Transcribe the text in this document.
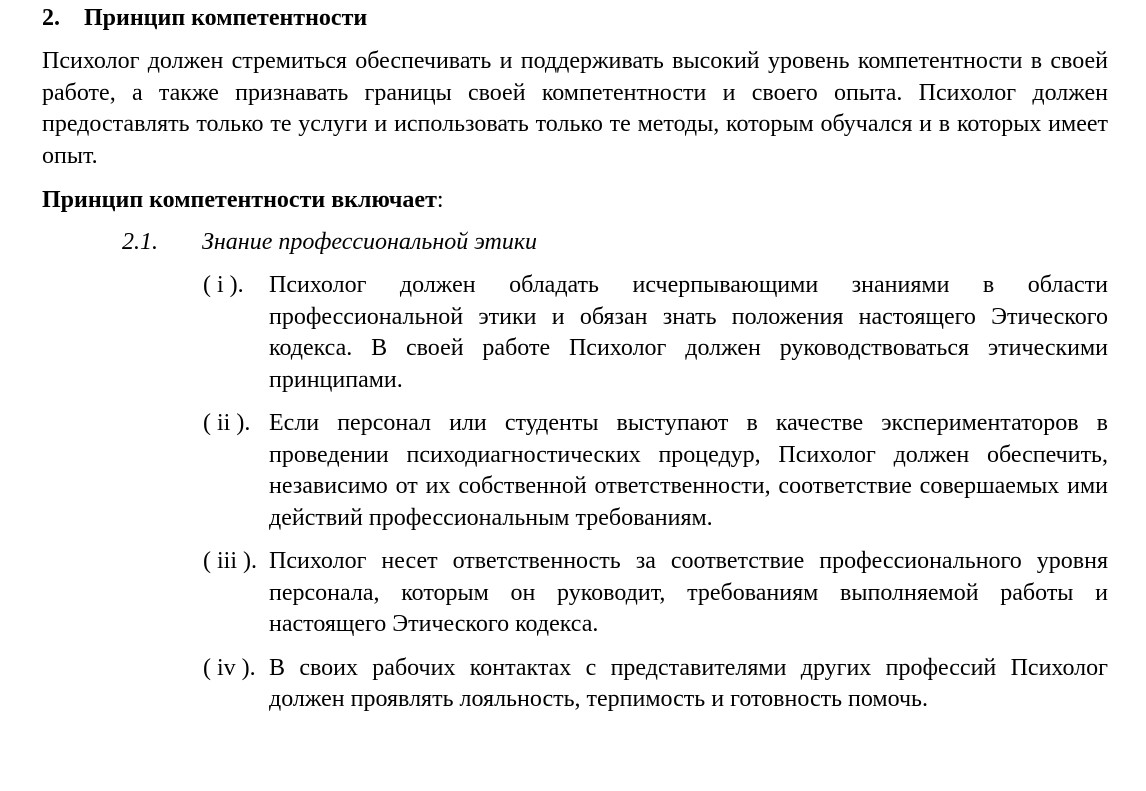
2. Принцип компетентности
Психолог должен стремиться обеспечивать и поддерживать высокий уровень компетентности в своей работе, а также признавать границы своей компетентности и своего опыта. Психолог должен предоставлять только те услуги и использовать только те методы, которым обучался и в которых имеет опыт.
Принцип компетентности включает:
2.1. Знание профессиональной этики
( i ). Психолог должен обладать исчерпывающими знаниями в области профессиональной этики и обязан знать положения настоящего Этического кодекса. В своей работе Психолог должен руководствоваться этическими принципами.
( ii ). Если персонал или студенты выступают в качестве экспериментаторов в проведении психодиагностических процедур, Психолог должен обеспечить, независимо от их собственной ответственности, соответствие совершаемых ими действий профессиональным требованиям.
( iii ). Психолог несет ответственность за соответствие профессионального уровня персонала, которым он руководит, требованиям выполняемой работы и настоящего Этического кодекса.
( iv ). В своих рабочих контактах с представителями других профессий Психолог должен проявлять лояльность, терпимость и готовность помочь.
